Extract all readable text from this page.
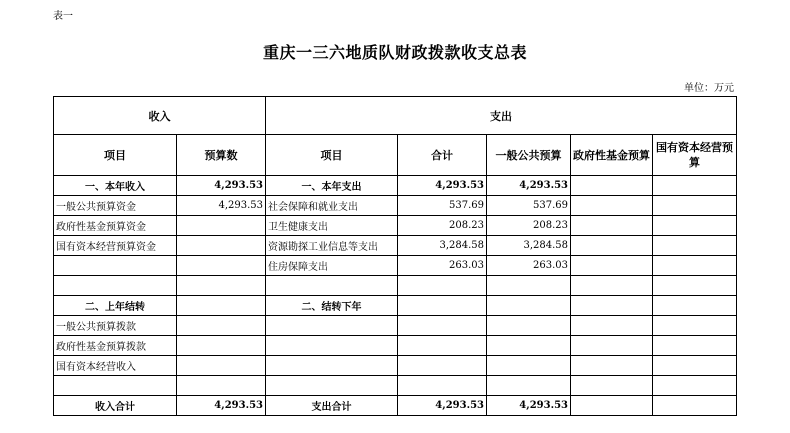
表一
重庆一三六地质队财政拨款收支总表
单位：万元
收入		支出				
项目	预算数	项目	合计	一般公共预算	政府性基金预算	国有资本经营预算
一、本年收入	4,293.53	一、本年支出	4,293.53	4,293.53		
一般公共预算资金	4,293.53	社会保障和就业支出	537.69	537.69		
政府性基金预算资金		卫生健康支出	208.23	208.23		
国有资本经营预算资金		资源勘探工业信息等支出	3,284.58	3,284.58		
		住房保障支出	263.03	263.03		

二、上年结转		二、结转下年				
一般公共预算拨款						
政府性基金预算拨款						
国有资本经营收入						

收入合计	4,293.53	支出合计	4,293.53	4,293.53		
